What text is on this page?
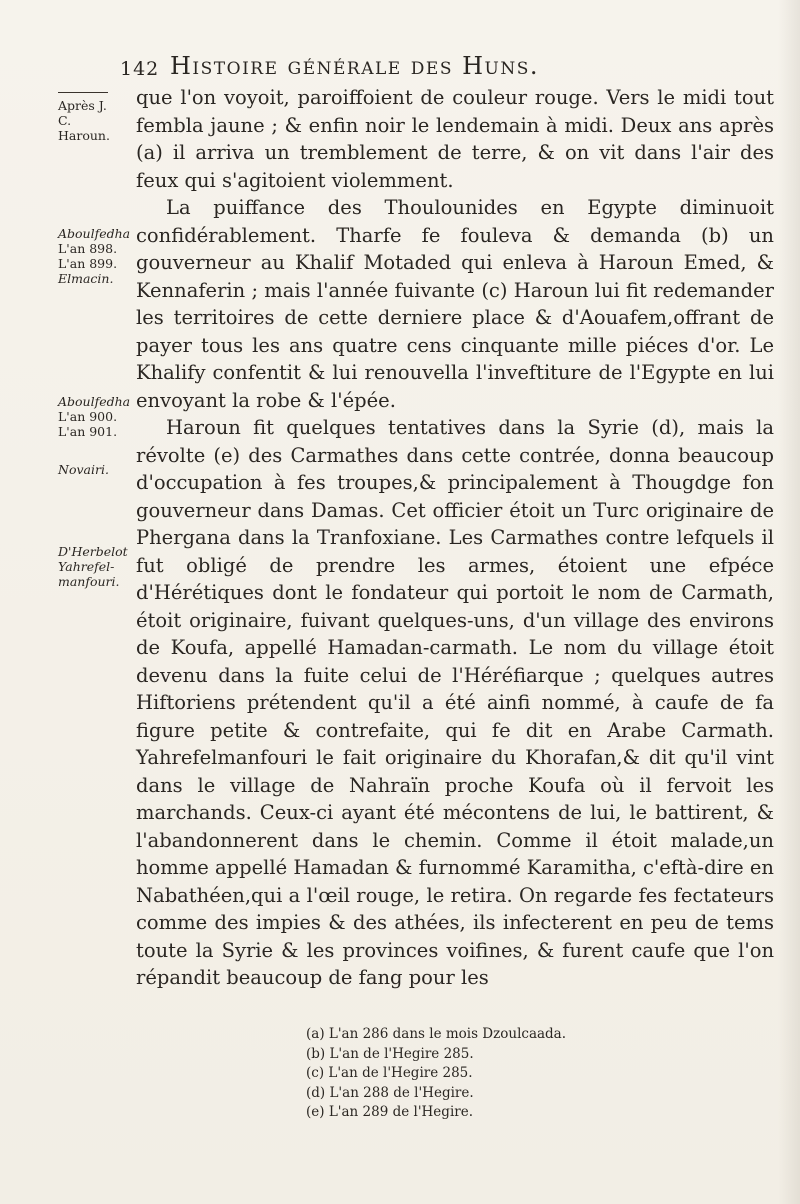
142 Histoire générale des Huns.
Après J. C.
Haroun.
Aboulfedha
L'an 898.
L'an 899.
Elmacin.
Aboulfedha
L'an 900.
L'an 901.
Novairi.
D'Herbelot
Yahrefel-
manfouri.

que l'on voyoit, paroiffoient de couleur rouge. Vers le midi tout fembla jaune ; & enfin noir le lendemain à midi. Deux ans après (a) il arriva un tremblement de terre, & on vit dans l'air des feux qui s'agitoient violemment.

La puiffance des Thoulounides en Egypte diminuoit confidérablement. Tharfe fe fouleva & demanda (b) un gouverneur au Khalif Motaded qui enleva à Haroun Emed, & Kennaferin ; mais l'année fuivante (c) Haroun lui fit redemander les territoires de cette derniere place & d'Aouafem,offrant de payer tous les ans quatre cens cinquante mille piéces d'or. Le Khalify confentit & lui renouvella l'inveftiture de l'Egypte en lui envoyant la robe & l'épée.

Haroun fit quelques tentatives dans la Syrie (d), mais la révolte (e) des Carmathes dans cette contrée, donna beaucoup d'occupation à fes troupes,& principalement à Thougdge fon gouverneur dans Damas. Cet officier étoit un Turc originaire de Phergana dans la Tranfoxiane. Les Carmathes contre lefquels il fut obligé de prendre les armes, étoient une efpéce d'Hérétiques dont le fondateur qui portoit le nom de Carmath, étoit originaire, fuivant quelques-uns, d'un village des environs de Koufa, appellé Hamadan-carmath. Le nom du village étoit devenu dans la fuite celui de l'Héréfiarque ; quelques autres Hiftoriens prétendent qu'il a été ainfi nommé, à caufe de fa figure petite & contrefaite, qui fe dit en Arabe Carmath. Yahrefelmanfouri le fait originaire du Khorafan,& dit qu'il vint dans le village de Nahraïn proche Koufa où il fervoit les marchands. Ceux-ci ayant été mécontens de lui, le battirent, & l'abandonnerent dans le chemin. Comme il étoit malade,un homme appellé Hamadan & furnommé Karamitha, c'eftà-dire en Nabathéen,qui a l'œil rouge, le retira. On regarde fes fectateurs comme des impies & des athées, ils infecterent en peu de tems toute la Syrie & les provinces voifines, & furent caufe que l'on répandit beaucoup de fang pour les

(a) L'an 286 dans le mois Dzoulcaada.
(b) L'an de l'Hegire 285.
(c) L'an de l'Hegire 285.
(d) L'an 288 de l'Hegire.
(e) L'an 289 de l'Hegire.
